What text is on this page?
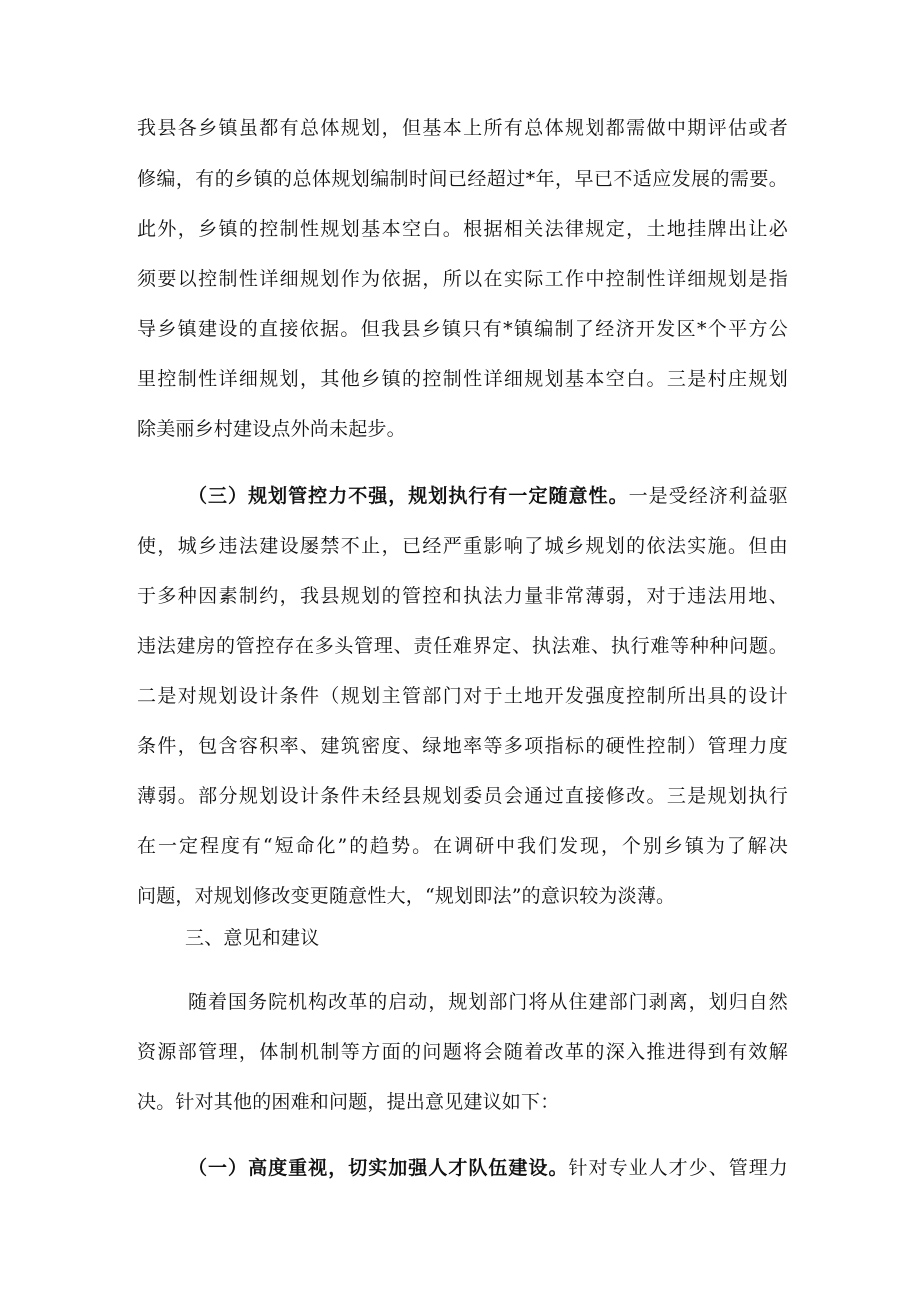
我县各乡镇虽都有总体规划，但基本上所有总体规划都需做中期评估或者
修编，有的乡镇的总体规划编制时间已经超过*年，早已不适应发展的需要。
此外，乡镇的控制性规划基本空白。根据相关法律规定，土地挂牌出让必
须要以控制性详细规划作为依据，所以在实际工作中控制性详细规划是指
导乡镇建设的直接依据。但我县乡镇只有*镇编制了经济开发区*个平方公
里控制性详细规划，其他乡镇的控制性详细规划基本空白。三是村庄规划
除美丽乡村建设点外尚未起步。
（三）规划管控力不强，规划执行有一定随意性。一是受经济利益驱
使，城乡违法建设屡禁不止，已经严重影响了城乡规划的依法实施。但由
于多种因素制约，我县规划的管控和执法力量非常薄弱，对于违法用地、
违法建房的管控存在多头管理、责任难界定、执法难、执行难等种种问题。
二是对规划设计条件（规划主管部门对于土地开发强度控制所出具的设计
条件，包含容积率、建筑密度、绿地率等多项指标的硬性控制）管理力度
薄弱。部分规划设计条件未经县规划委员会通过直接修改。三是规划执行
在一定程度有“短命化”的趋势。在调研中我们发现，个别乡镇为了解决
问题，对规划修改变更随意性大，“规划即法”的意识较为淡薄。
三、意见和建议
随着国务院机构改革的启动，规划部门将从住建部门剥离，划归自然
资源部管理，体制机制等方面的问题将会随着改革的深入推进得到有效解
决。针对其他的困难和问题，提出意见建议如下：
（一）高度重视，切实加强人才队伍建设。针对专业人才少、管理力
